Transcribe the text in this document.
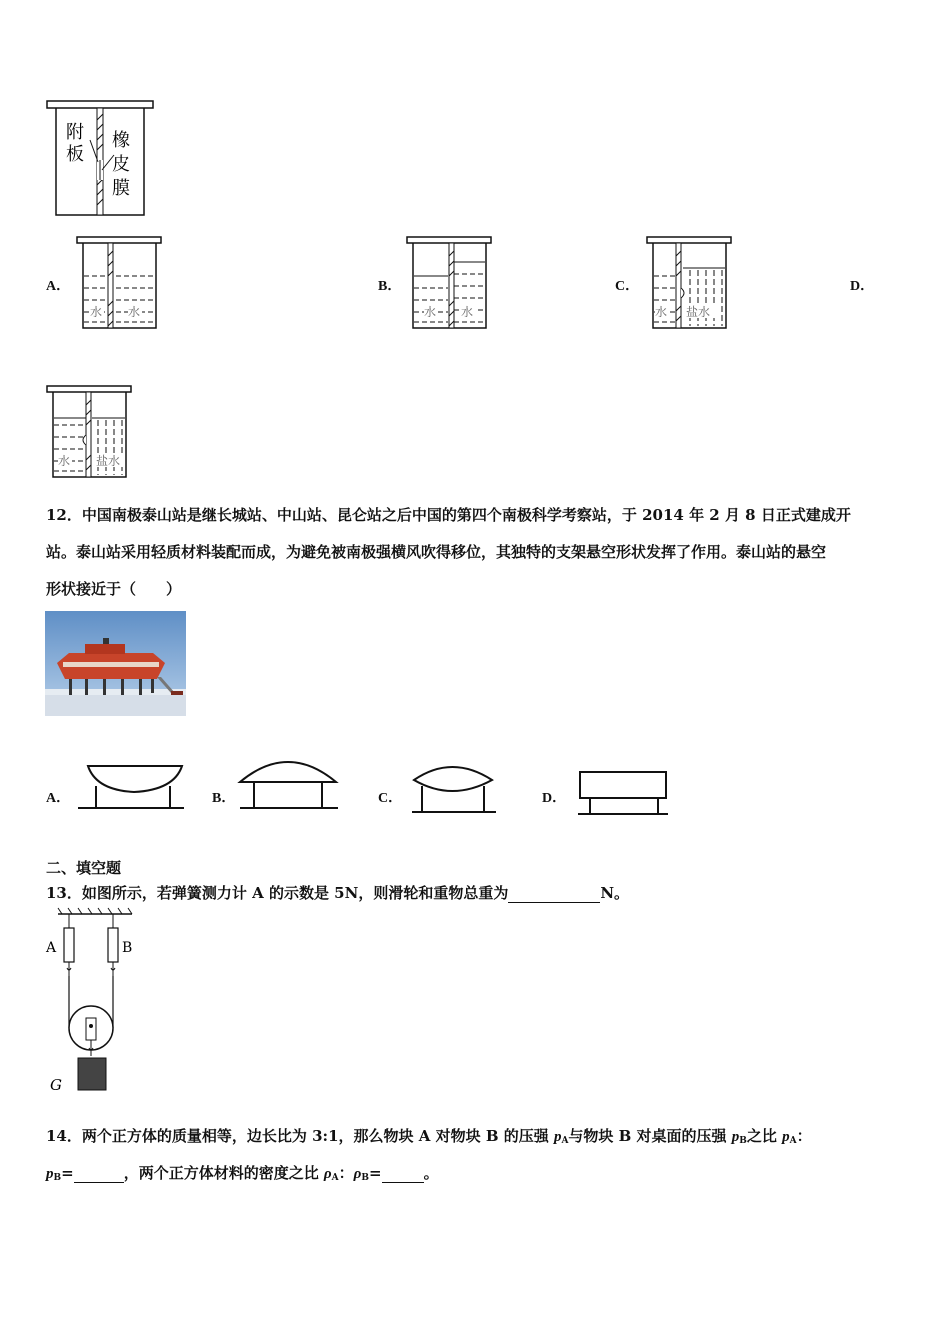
附
板
橡
皮
膜
A．
水 水
B．
水 水
C．
水 盐水
D．
水 盐水
12．中国南极泰山站是继长城站、中山站、昆仑站之后中国的第四个南极科学考察站，于 2014 年 2 月 8 日正式建成开
站。泰山站采用轻质材料装配而成，为避免被南极强横风吹得移位，其独特的支架悬空形状发挥了作用。泰山站的悬空
形状接近于（　　）
A．	B．	C．	D．
二、填空题
13．如图所示，若弹簧测力计 A 的示数是 5N，则滑轮和重物总重为	N。
A	B
G
14．两个正方体的质量相等，边长比为 3:1，那么物块 A 对物块 B 的压强 $p_A$与物块 B 对桌面的压强 $p_B$之比 $p_A$：
$p_B=$	，两个正方体材料的密度之比 $\rho_A$：$\rho_B=$	。
